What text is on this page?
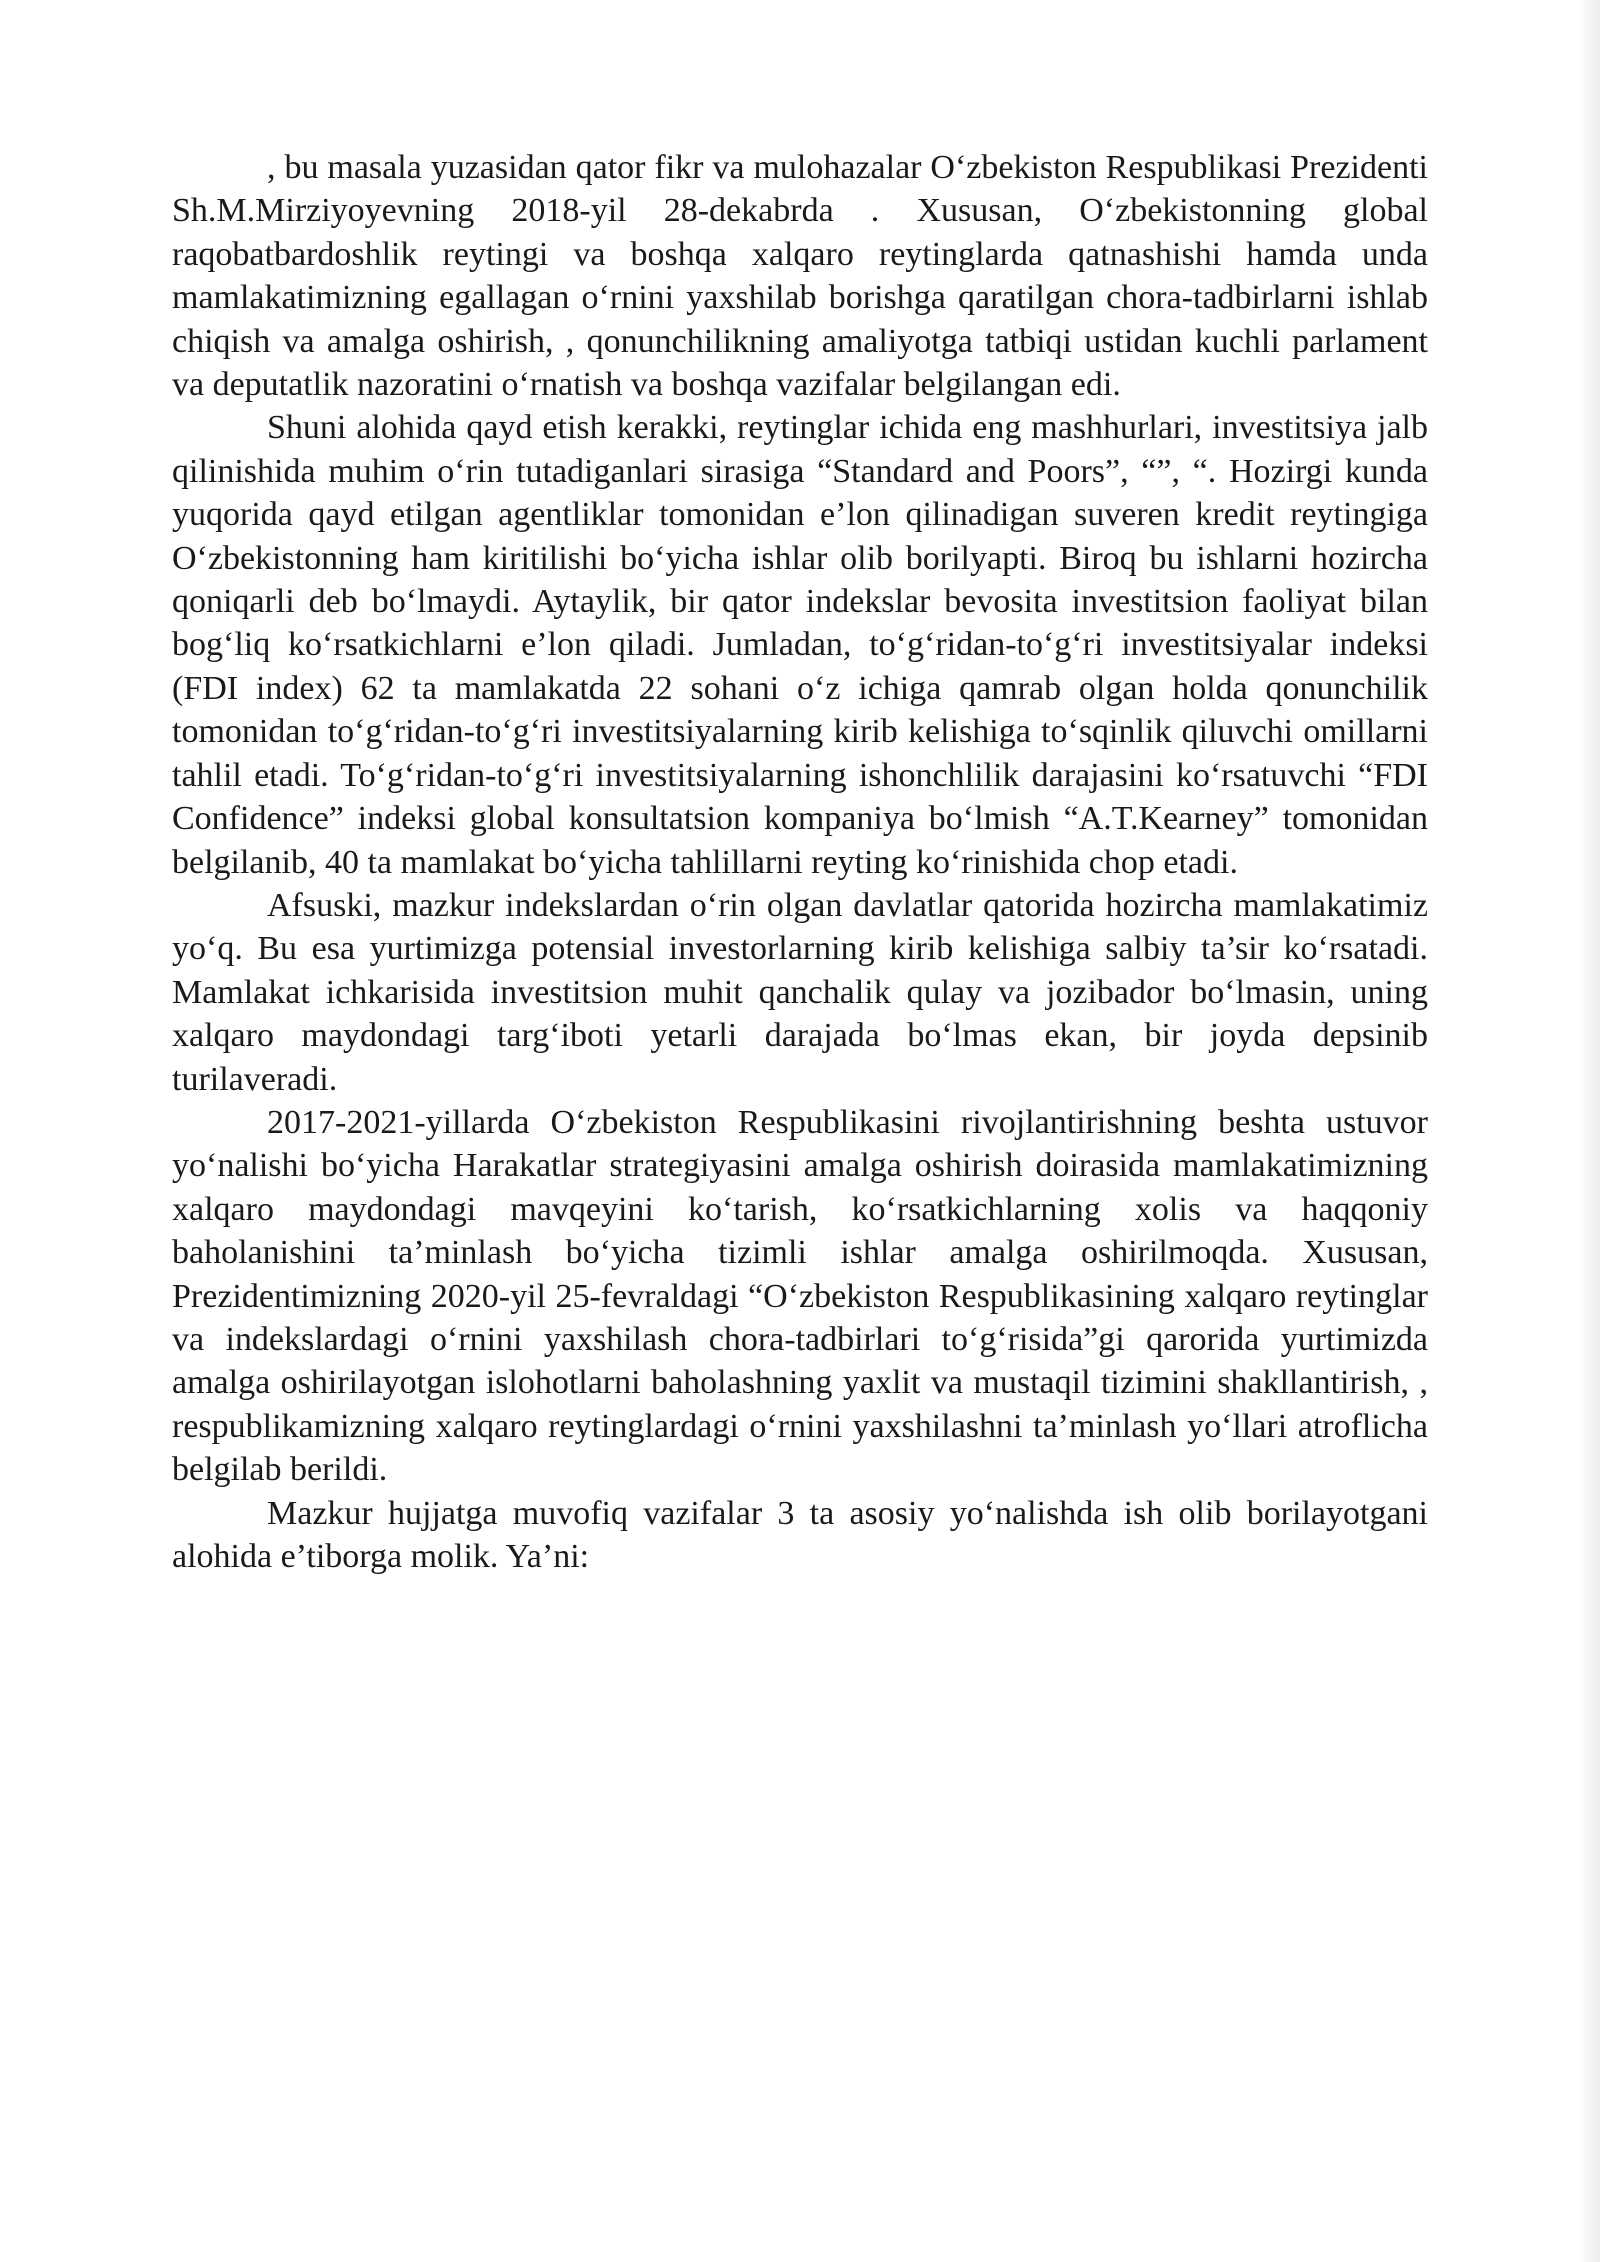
, bu masala yuzasidan qator fikr va mulohazalar O‘zbekiston Respublikasi Prezidenti Sh.M.Mirziyoyevning 2018-yil 28-dekabrda . Xususan, O‘zbekistonning global raqobatbardoshlik reytingi va boshqa xalqaro reytinglarda qatnashishi hamda unda mamlakatimizning egallagan o‘rnini yaxshilab borishga qaratilgan chora-tadbirlarni ishlab chiqish va amalga oshirish, , qonunchilikning amaliyotga tatbiqi ustidan kuchli parlament va deputatlik nazoratini o‘rnatish va boshqa vazifalar belgilangan edi.

Shuni alohida qayd etish kerakki, reytinglar ichida eng mashhurlari, investitsiya jalb qilinishida muhim o‘rin tutadiganlari sirasiga “Standard and Poors”, “”, “. Hozirgi kunda yuqorida qayd etilgan agentliklar tomonidan e’lon qilinadigan suveren kredit reytingiga O‘zbekistonning ham kiritilishi bo‘yicha ishlar olib borilyapti. Biroq bu ishlarni hozircha qoniqarli deb bo‘lmaydi. Aytaylik, bir qator indekslar bevosita investitsion faoliyat bilan bog‘liq ko‘rsatkichlarni e’lon qiladi. Jumladan, to‘g‘ridan-to‘g‘ri investitsiyalar indeksi (FDI index) 62 ta mamlakatda 22 sohani o‘z ichiga qamrab olgan holda qonunchilik tomonidan to‘g‘ridan-to‘g‘ri investitsiyalarning kirib kelishiga to‘sqinlik qiluvchi omillarni tahlil etadi. To‘g‘ridan-to‘g‘ri investitsiyalarning ishonchlilik darajasini ko‘rsatuvchi “FDI Confidence” indeksi global konsultatsion kompaniya bo‘lmish “A.T.Kearney” tomonidan belgilanib, 40 ta mamlakat bo‘yicha tahlillarni reyting ko‘rinishida chop etadi.

Afsuski, mazkur indekslardan o‘rin olgan davlatlar qatorida hozircha mamlakatimiz yo‘q. Bu esa yurtimizga potensial investorlarning kirib kelishiga salbiy ta’sir ko‘rsatadi. Mamlakat ichkarisida investitsion muhit qanchalik qulay va jozibador bo‘lmasin, uning xalqaro maydondagi targ‘iboti yetarli darajada bo‘lmas ekan, bir joyda depsinib turilaveradi.

2017-2021-yillarda O‘zbekiston Respublikasini rivojlantirishning beshta ustuvor yo‘nalishi bo‘yicha Harakatlar strategiyasini amalga oshirish doirasida mamlakatimizning xalqaro maydondagi mavqeyini ko‘tarish, ko‘rsatkichlarning xolis va haqqoniy baholanishini ta’minlash bo‘yicha tizimli ishlar amalga oshirilmoqda. Xususan, Prezidentimizning 2020-yil 25-fevraldagi “O‘zbekiston Respublikasining xalqaro reytinglar va indekslardagi o‘rnini yaxshilash chora-tadbirlari to‘g‘risida”gi qarorida yurtimizda amalga oshirilayotgan islohotlarni baholashning yaxlit va mustaqil tizimini shakllantirish, , respublikamizning xalqaro reytinglardagi o‘rnini yaxshilashni ta’minlash yo‘llari atroflicha belgilab berildi.

Mazkur hujjatga muvofiq vazifalar 3 ta asosiy yo‘nalishda ish olib borilayotgani alohida e’tiborga molik. Ya’ni:
